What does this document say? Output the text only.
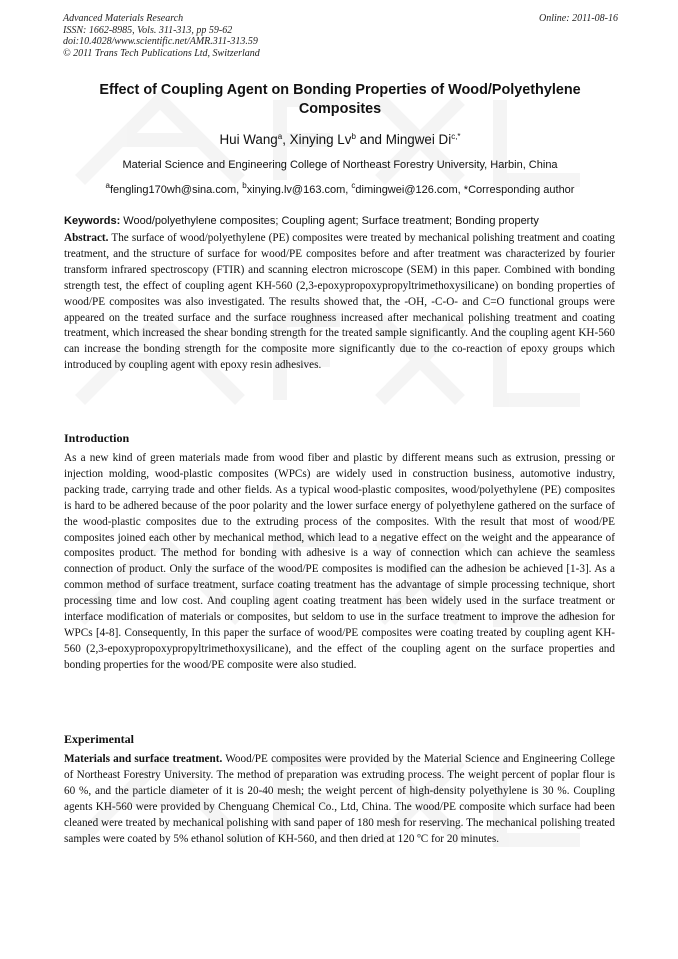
Advanced Materials Research
ISSN: 1662-8985, Vols. 311-313, pp 59-62
doi:10.4028/www.scientific.net/AMR.311-313.59
© 2011 Trans Tech Publications Ltd, Switzerland
Online: 2011-08-16
Effect of Coupling Agent on Bonding Properties of Wood/Polyethylene Composites
Hui Wang$^a$, Xinying Lv$^b$ and Mingwei $Di^{c,*}$
Material Science and Engineering College of Northeast Forestry University, Harbin, China
$^a$fengling170wh@sina.com, $^b$xinying.lv@163.com, $^c$dimingwei@126.com, *Corresponding author
Keywords: Wood/polyethylene composites; Coupling agent; Surface treatment; Bonding property

Abstract. The surface of wood/polyethylene (PE) composites were treated by mechanical polishing treatment and coating treatment, and the structure of surface for wood/PE composites before and after treatment was characterized by fourier transform infrared spectroscopy (FTIR) and scanning electron microscope (SEM) in this paper. Combined with bonding strength test, the effect of coupling agent KH-560 (2,3-epoxypropoxypropyltrimethoxysilicane) on bonding properties of wood/PE composites was also investigated. The results showed that, the -OH, -C-O- and C=O functional groups were appeared on the treated surface and the surface roughness increased after mechanical polishing treatment and coating treatment, which increased the shear bonding strength for the treated sample significantly. And the coupling agent KH-560 can increase the bonding strength for the composite more significantly due to the co-reaction of epoxy groups which introduced by coupling agent with epoxy resin adhesives.

Introduction

As a new kind of green materials made from wood fiber and plastic by different means such as extrusion, pressing or injection molding, wood-plastic composites (WPCs) are widely used in construction business, automotive industry, packing trade, carrying trade and other fields. As a typical wood-plastic composites, wood/polyethylene (PE) composites is hard to be adhered because of the poor polarity and the lower surface energy of polyethylene gathered on the surface of the wood-plastic composites due to the extruding process of the composites. With the result that most of wood/PE composites joined each other by mechanical method, which lead to a negative effect on the weight and the appearance of composites product. The method for bonding with adhesive is a way of connection which can achieve the seamless connection of product. Only the surface of the wood/PE composites is modified can the adhesion be achieved [1-3]. As a common method of surface treatment, surface coating treatment has the advantage of simple processing technique, short processing time and low cost. And coupling agent coating treatment has been widely used in the surface treatment or interface modification of materials or composites, but seldom to use in the surface treatment to improve the adhesion for WPCs [4-8]. Consequently, In this paper the surface of wood/PE composites were coating treated by coupling agent KH-560 (2,3-epoxypropoxypropyltrimethoxysilicane), and the effect of the coupling agent on the surface properties and bonding properties for the wood/PE composite were also studied.

Experimental

Materials and surface treatment. Wood/PE composites were provided by the Material Science and Engineering College of Northeast Forestry University. The method of preparation was extruding process. The weight percent of poplar flour is 60 %, and the particle diameter of it is 20-40 mesh; the weight percent of high-density polyethylene is 30 %. Coupling agents KH-560 were provided by Chenguang Chemical Co., Ltd, China. The wood/PE composite which surface had been cleaned were treated by mechanical polishing with sand paper of 180 mesh for reserving. The mechanical polishing treated samples were coated by 5% ethanol solution of KH-560, and then dried at 120 ºC for 20 minutes.
